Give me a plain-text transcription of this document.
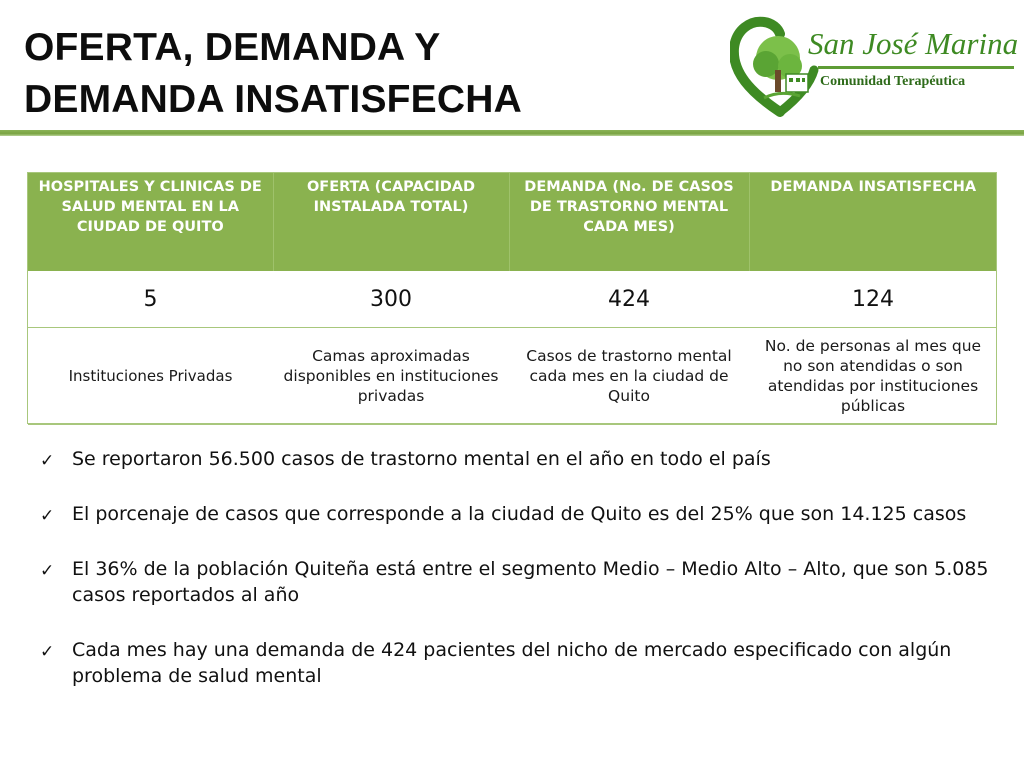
OFERTA, DEMANDA Y
DEMANDA INSATISFECHA
San José Marina
Comunidad Terapéutica
HOSPITALES Y CLINICAS DE SALUD MENTAL EN LA CIUDAD DE QUITO	OFERTA (CAPACIDAD INSTALADA TOTAL)	DEMANDA (No. DE CASOS DE TRASTORNO MENTAL CADA MES)	DEMANDA INSATISFECHA
5	300	424	124
Instituciones Privadas	Camas aproximadas disponibles en instituciones privadas	Casos de trastorno mental cada mes en la ciudad de Quito	No. de personas al mes que no son atendidas o son atendidas por instituciones públicas
✓ Se reportaron 56.500 casos de trastorno mental en el año en todo el país
✓ El porcenaje de casos que corresponde a la ciudad de Quito es del 25% que son 14.125 casos
✓ El 36% de la población Quiteña está entre el segmento Medio – Medio Alto – Alto, que son 5.085 casos reportados al año
✓ Cada mes hay una demanda de 424 pacientes del nicho de mercado especificado con algún problema de salud mental
